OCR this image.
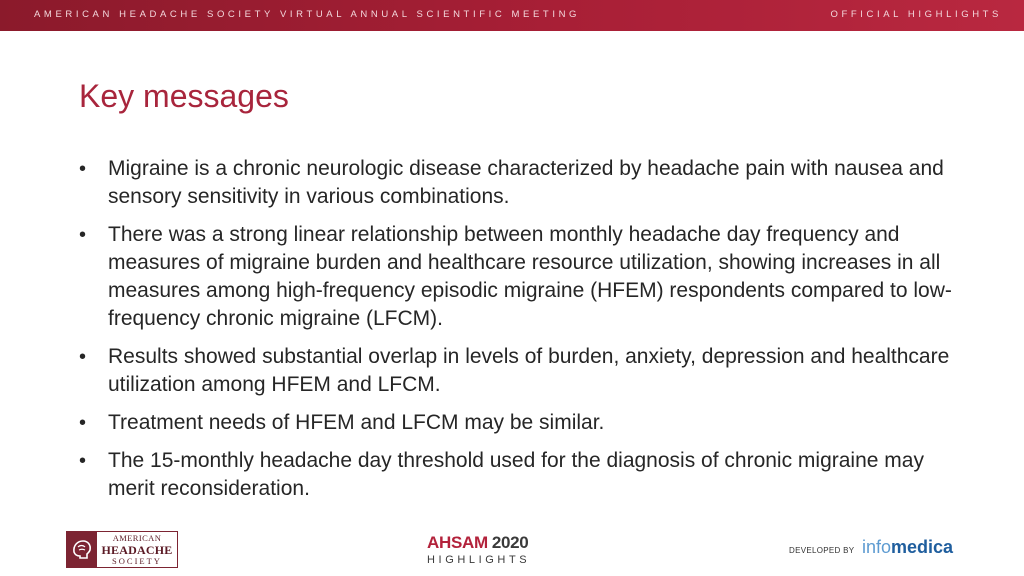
AMERICAN HEADACHE SOCIETY VIRTUAL ANNUAL SCIENTIFIC MEETING	OFFICIAL HIGHLIGHTS
Key messages
• Migraine is a chronic neurologic disease characterized by headache pain with nausea and sensory sensitivity in various combinations.
• There was a strong linear relationship between monthly headache day frequency and measures of migraine burden and healthcare resource utilization, showing increases in all measures among high-frequency episodic migraine (HFEM) respondents compared to low-frequency chronic migraine (LFCM).
• Results showed substantial overlap in levels of burden, anxiety, depression and healthcare utilization among HFEM and LFCM.
• Treatment needs of HFEM and LFCM may be similar.
• The 15-monthly headache day threshold used for the diagnosis of chronic migraine may merit reconsideration.
AMERICAN
HEADACHE
SOCIETY
AHSAM 2020
HIGHLIGHTS
DEVELOPED BY infomedica
